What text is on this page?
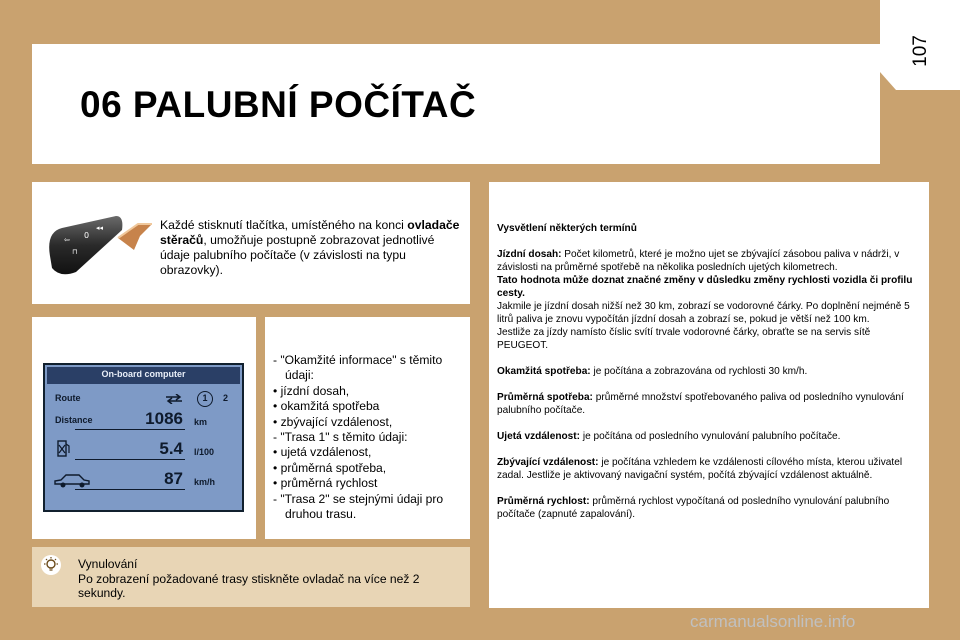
06 PALUBNÍ POČÍTAČ
107
⇦ 0
◂◂
⊓
Každé stisknutí tlačítka, umístěného na konci ovladače stěračů, umožňuje postupně zobrazovat jednotlivé údaje palubního počítače (v závislosti na typu obrazovky).
On-board computer
Route	1	2
Distance	1086 km
5.4 l/100
87 km/h
- "Okamžité informace" s těmito údaji:
• jízdní dosah,
• okamžitá spotřeba
• zbývající vzdálenost,
- "Trasa 1" s těmito údaji:
• ujetá vzdálenost,
• průměrná spotřeba,
• průměrná rychlost
- "Trasa 2" se stejnými údaji pro druhou trasu.
Vynulování
Po zobrazení požadované trasy stiskněte ovladač na více než 2 sekundy.

Vysvětlení některých termínů

Jízdní dosah: Počet kilometrů, které je možno ujet se zbývající zásobou paliva v nádrži, v závislosti na průměrné spotřebě na několika posledních ujetých kilometrech.

Tato hodnota může doznat značné změny v důsledku změny rychlosti vozidla či profilu cesty.

Jakmile je jízdní dosah nižší než 30 km, zobrazí se vodorovné čárky. Po doplnění nejméně 5 litrů paliva je znovu vypočítán jízdní dosah a zobrazí se, pokud je větší než 100 km.

Jestliže za jízdy namísto číslic svítí trvale vodorovné čárky, obraťte se na servis sítě PEUGEOT.

Okamžitá spotřeba: je počítána a zobrazována od rychlosti 30 km/h.

Průměrná spotřeba: průměrné množství spotřebovaného paliva od posledního vynulování palubního počítače.

Ujetá vzdálenost: je počítána od posledního vynulování palubního počítače.

Zbývající vzdálenost: je počítána vzhledem ke vzdálenosti cílového místa, kterou uživatel zadal. Jestliže je aktivovaný navigační systém, počítá zbývající vzdálenost aktuálně.

Průměrná rychlost: průměrná rychlost vypočítaná od posledního vynulování palubního počítače (zapnuté zapalování).

carmanualsonline.info
